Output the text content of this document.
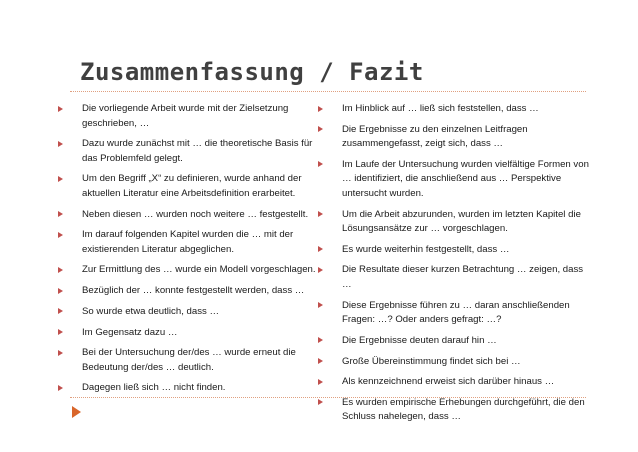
Zusammenfassung / Fazit
Die vorliegende Arbeit wurde mit der Zielsetzung geschrieben, …
Dazu wurde zunächst mit … die theoretische Basis für das Problemfeld gelegt.
Um den Begriff „X“ zu definieren, wurde anhand der aktuellen Literatur eine Arbeitsdefinition erarbeitet.
Neben diesen … wurden noch weitere … festgestellt.
Im darauf folgenden Kapitel wurden die … mit der existierenden Literatur abgeglichen.
Zur Ermittlung des … wurde ein Modell vorgeschlagen.
Bezüglich der … konnte festgestellt werden, dass …
So wurde etwa deutlich, dass …
Im Gegensatz dazu …
Bei der Untersuchung der/des … wurde erneut die Bedeutung der/des … deutlich.
Dagegen ließ sich … nicht finden.
Im Hinblick auf … ließ sich feststellen, dass …
Die Ergebnisse zu den einzelnen Leitfragen zusammengefasst, zeigt sich, dass …
Im Laufe der Untersuchung wurden vielfältige Formen von … identifiziert, die anschließend aus … Perspektive untersucht wurden.
Um die Arbeit abzurunden, wurden im letzten Kapitel die Lösungsansätze zur … vorgeschlagen.
Es wurde weiterhin festgestellt, dass …
Die Resultate dieser kurzen Betrachtung … zeigen, dass …
Diese Ergebnisse führen zu … daran anschließenden Fragen: …? Oder anders gefragt: …?
Die Ergebnisse deuten darauf hin …
Große Übereinstimmung findet sich bei …
Als kennzeichnend erweist sich darüber hinaus …
Es wurden empirische Erhebungen durchgeführt, die den Schluss nahelegen, dass …
